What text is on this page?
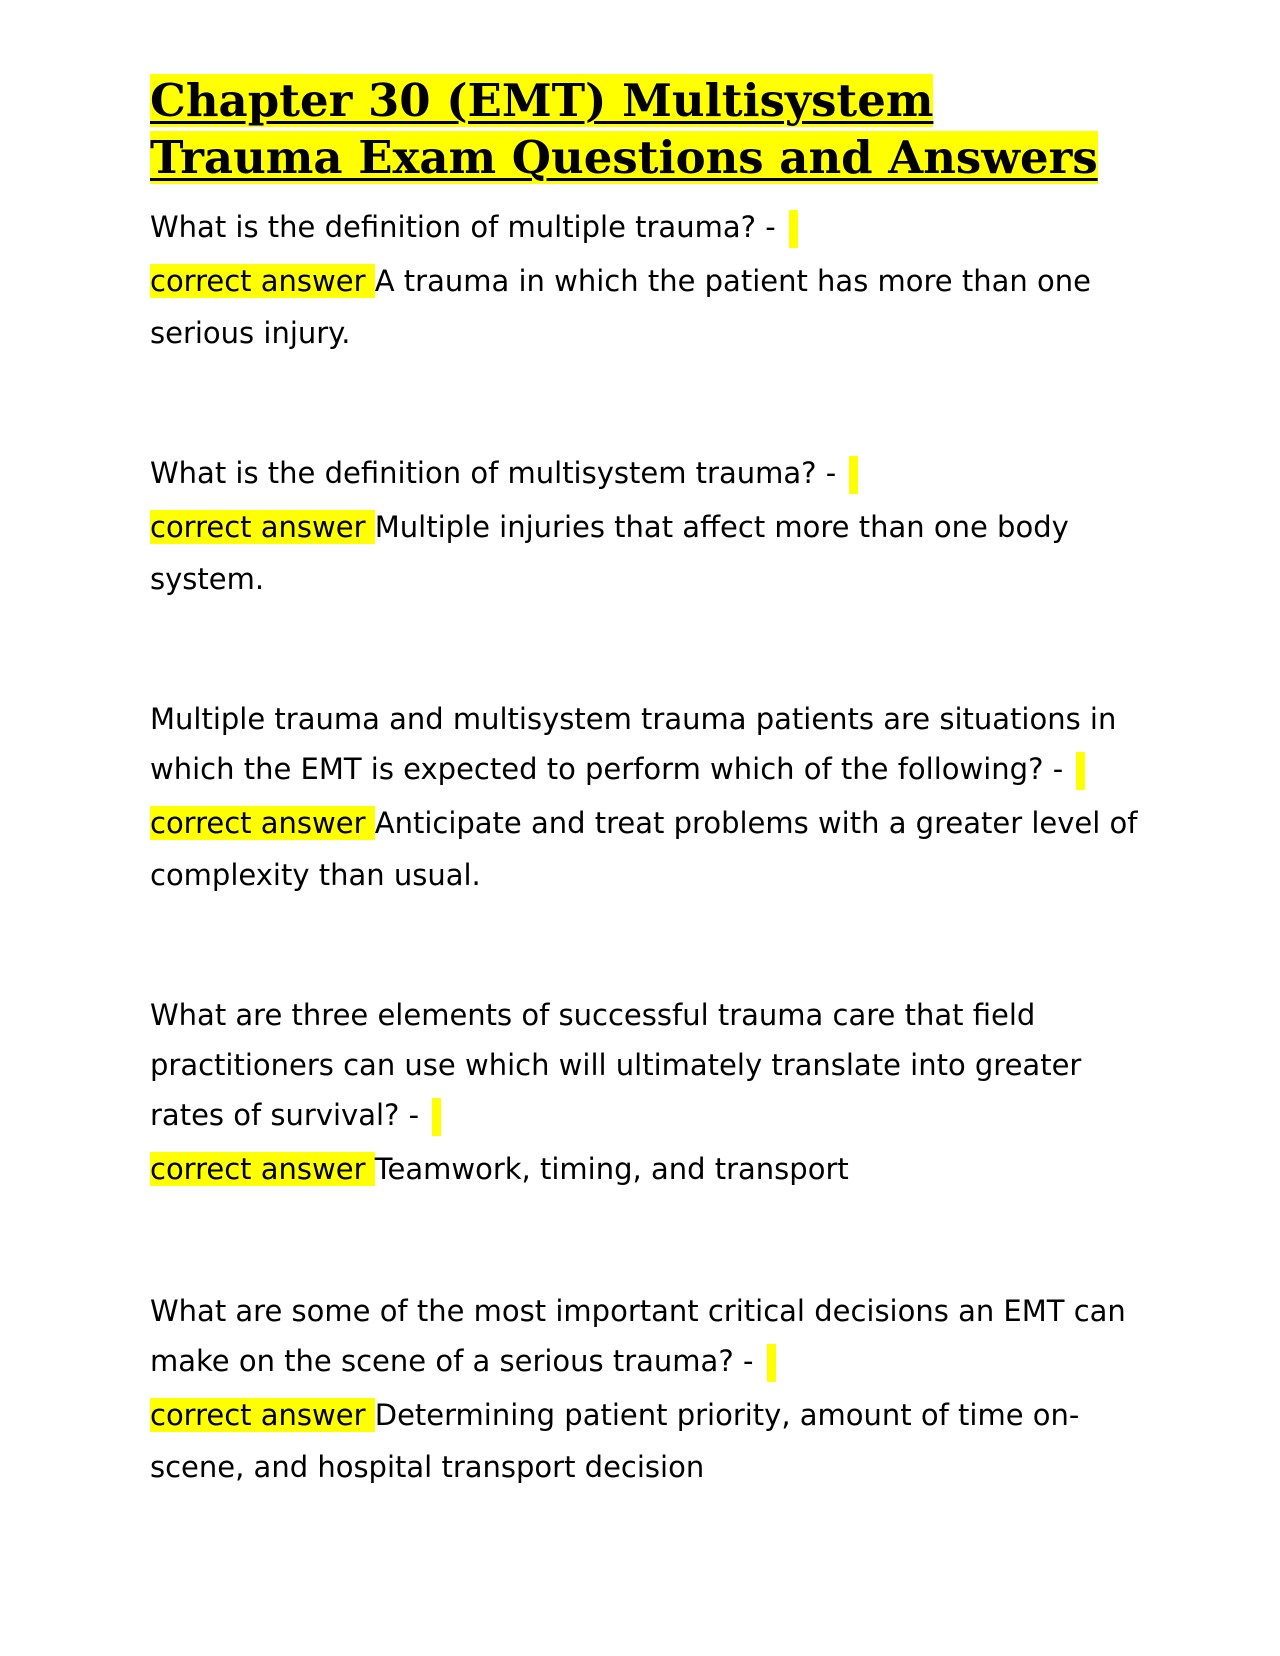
Chapter 30 (EMT) Multisystem Trauma Exam Questions and Answers

What is the definition of multiple trauma? -

correct answer A trauma in which the patient has more than one serious injury.

What is the definition of multisystem trauma? -

correct answer Multiple injuries that affect more than one body system.

Multiple trauma and multisystem trauma patients are situations in which the EMT is expected to perform which of the following? -

correct answer Anticipate and treat problems with a greater level of complexity than usual.

What are three elements of successful trauma care that field practitioners can use which will ultimately translate into greater rates of survival? -

correct answer Teamwork, timing, and transport

What are some of the most important critical decisions an EMT can make on the scene of a serious trauma? -

correct answer Determining patient priority, amount of time on-scene, and hospital transport decision
